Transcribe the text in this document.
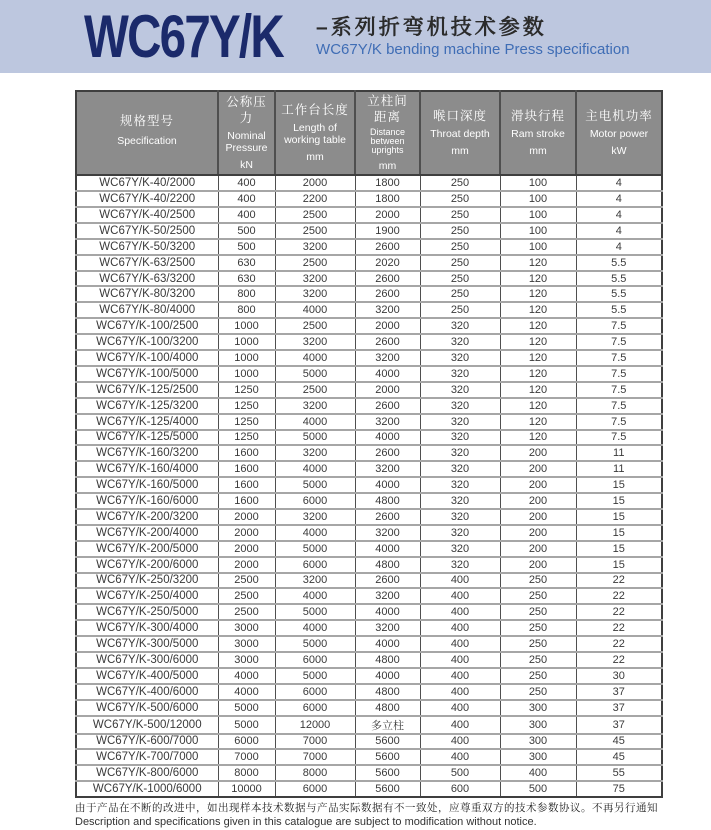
WC67Y/K –系列折弯机技术参数
WC67Y/K bending machine Press specification
规格型号
Specification

公称压力
Nominal Pressure
kN

工作台长度
Length of working table
mm

立柱间距离
Distance between uprights
mm

喉口深度
Throat depth
mm

滑块行程
Ram stroke
mm

主电机功率
Motor power
kW

WC67Y/K-40/2000	400	2000	1800	250	100	4
WC67Y/K-40/2200	400	2200	1800	250	100	4
WC67Y/K-40/2500	400	2500	2000	250	100	4
WC67Y/K-50/2500	500	2500	1900	250	100	4
WC67Y/K-50/3200	500	3200	2600	250	100	4
WC67Y/K-63/2500	630	2500	2020	250	120	5.5
WC67Y/K-63/3200	630	3200	2600	250	120	5.5
WC67Y/K-80/3200	800	3200	2600	250	120	5.5
WC67Y/K-80/4000	800	4000	3200	250	120	5.5
WC67Y/K-100/2500	1000	2500	2000	320	120	7.5
WC67Y/K-100/3200	1000	3200	2600	320	120	7.5
WC67Y/K-100/4000	1000	4000	3200	320	120	7.5
WC67Y/K-100/5000	1000	5000	4000	320	120	7.5
WC67Y/K-125/2500	1250	2500	2000	320	120	7.5
WC67Y/K-125/3200	1250	3200	2600	320	120	7.5
WC67Y/K-125/4000	1250	4000	3200	320	120	7.5
WC67Y/K-125/5000	1250	5000	4000	320	120	7.5
WC67Y/K-160/3200	1600	3200	2600	320	200	11
WC67Y/K-160/4000	1600	4000	3200	320	200	11
WC67Y/K-160/5000	1600	5000	4000	320	200	15
WC67Y/K-160/6000	1600	6000	4800	320	200	15
WC67Y/K-200/3200	2000	3200	2600	320	200	15
WC67Y/K-200/4000	2000	4000	3200	320	200	15
WC67Y/K-200/5000	2000	5000	4000	320	200	15
WC67Y/K-200/6000	2000	6000	4800	320	200	15
WC67Y/K-250/3200	2500	3200	2600	400	250	22
WC67Y/K-250/4000	2500	4000	3200	400	250	22
WC67Y/K-250/5000	2500	5000	4000	400	250	22
WC67Y/K-300/4000	3000	4000	3200	400	250	22
WC67Y/K-300/5000	3000	5000	4000	400	250	22
WC67Y/K-300/6000	3000	6000	4800	400	250	22
WC67Y/K-400/5000	4000	5000	4000	400	250	30
WC67Y/K-400/6000	4000	6000	4800	400	250	37
WC67Y/K-500/6000	5000	6000	4800	400	300	37
WC67Y/K-500/12000	5000	12000	多立柱	400	300	37
WC67Y/K-600/7000	6000	7000	5600	400	300	45
WC67Y/K-700/7000	7000	7000	5600	400	300	45
WC67Y/K-800/6000	8000	8000	5600	500	400	55
WC67Y/K-1000/6000	10000	6000	5600	600	500	75
由于产品在不断的改进中，如出现样本技术数据与产品实际数据有不一致处，应尊重双方的技术参数协议。不再另行通知
Description and specifications given in this catalogue are subject to modification without notice.
